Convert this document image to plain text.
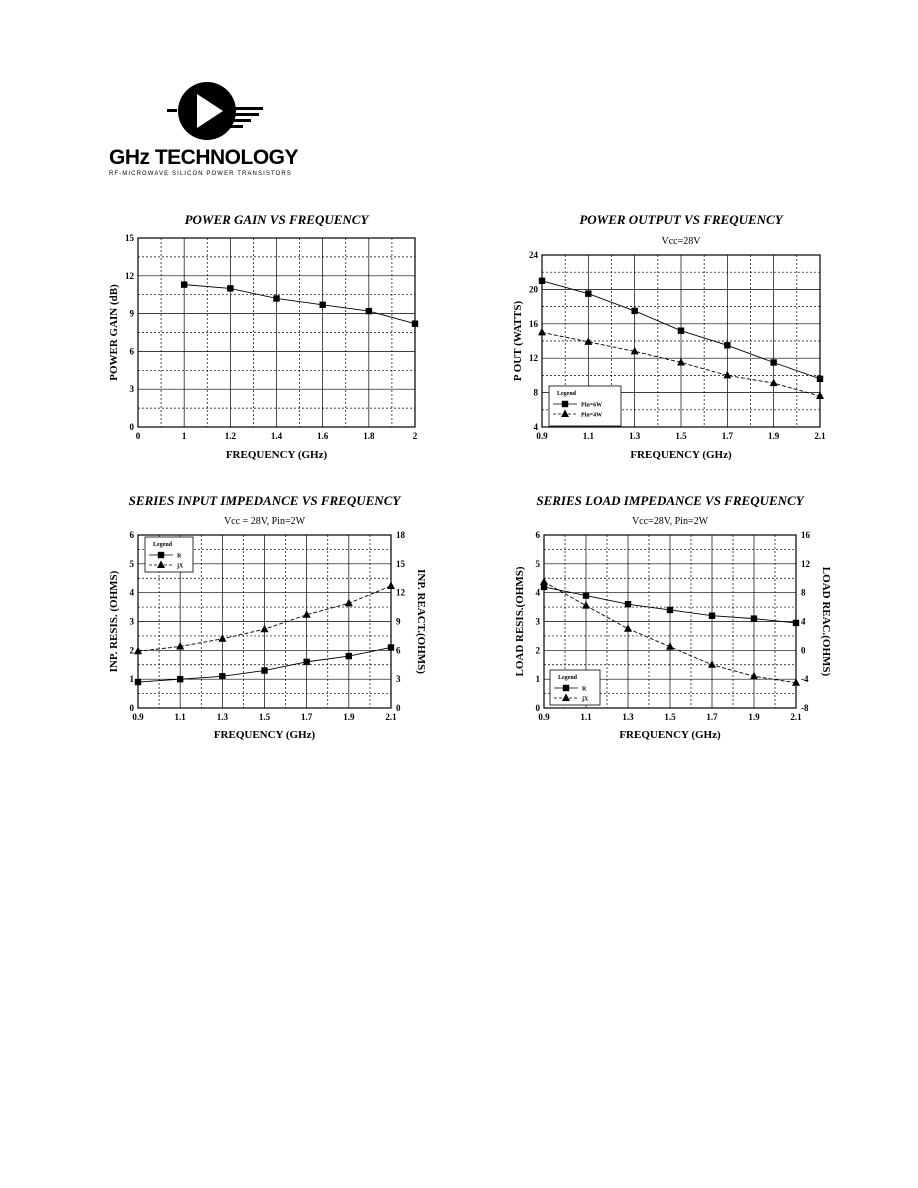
GHz TECHNOLOGY
RF-MICROWAVE SILICON POWER TRANSISTORS
POWER GAIN VS FREQUENCY
0	1	1.2	1.4	1.6	1.8	2
0
3
6
9
12
15
FREQUENCY (GHz)
POWER GAIN (dB)
POWER OUTPUT VS FREQUENCY
Vcc=28V
0.9	1.1	1.3	1.5	1.7	1.9	2.1
4
8
12
16
20
24
FREQUENCY (GHz)
P OUT (WATTS)
Legend
Pin=6W
Pin=4W
SERIES INPUT IMPEDANCE VS FREQUENCY
Vcc = 28V, Pin=2W
0.9	1.1	1.3	1.5	1.7	1.9	2.1
0
1
2
3
4
5
6
0
3
6
9
12
15
18
FREQUENCY (GHz)
INP. RESIS. (OHMS)	INP. REACT.(OHMS)
Legend
R
jX
SERIES LOAD IMPEDANCE VS FREQUENCY
Vcc=28V, Pin=2W
0.9	1.1	1.3	1.5	1.7	1.9	2.1
0
1
2
3
4
5
6
-8
-4
0
4
8
12
16
FREQUENCY (GHz)
LOAD RESIS.(OHMS)	LOAD REAC.(OHMS)
Legend
R
jX
